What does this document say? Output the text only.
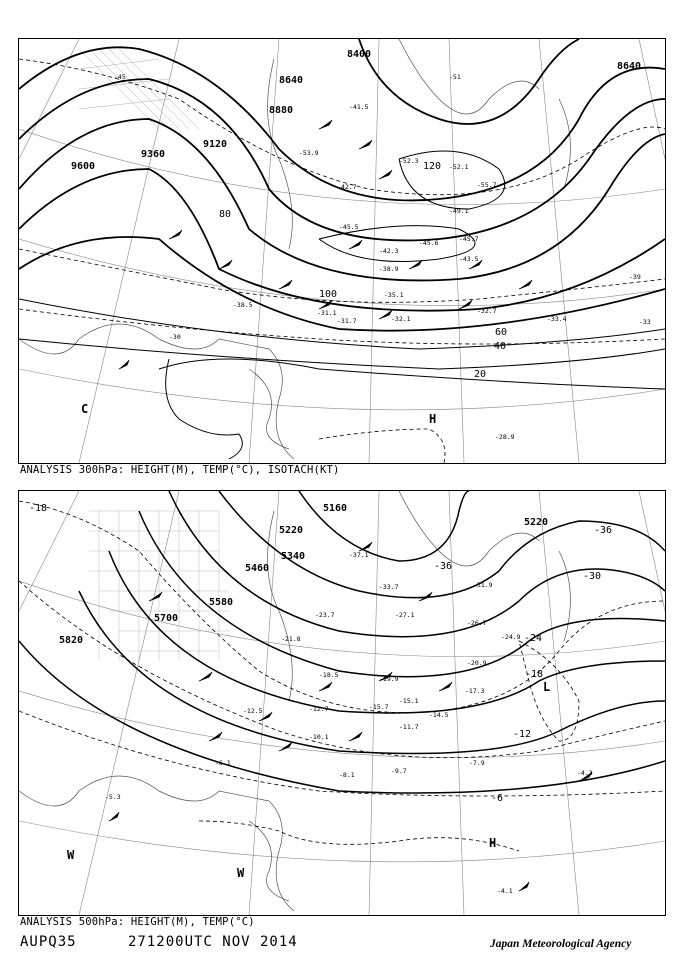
8400
8640
8640
8880
9120
9360
9600
20
40
60
80
100
120
-51
-45
-39
-33
-30
-41.5
-45.5
-45.6	-45.7
-43.5
-42.3
-38.9
-35.1
-32.1
-31.1
-31.7
-32.7
-33.4
-38.5
-49.1
-42.7
-53.9
-52.3
-52.1
-55.7
-28.9
C
H
ANALYSIS 300hPa: HEIGHT(M), TEMP(°C), ISOTACH(KT)
5160
5220
5220
5340
5460
5580
5700
5820
-36
-36
-30
-24
-18
-18
-12
-6
-37.1
-33.7	-31.9
-27.1
-26.7
-24.9
-23.7
-21.8
-20.9
-19.9
-18.5
-17.3
-15.7
-15.1
-14.5
-12.5	-12.7
-11.7
-10.1
-9.7
-8.1
-7.9
-6.1
-5.3
-4.3
-4.1
L
H
W
W
ANALYSIS 500hPa: HEIGHT(M), TEMP(°C)
AUPQ35	271200UTC NOV 2014	Japan Meteorological Agency
